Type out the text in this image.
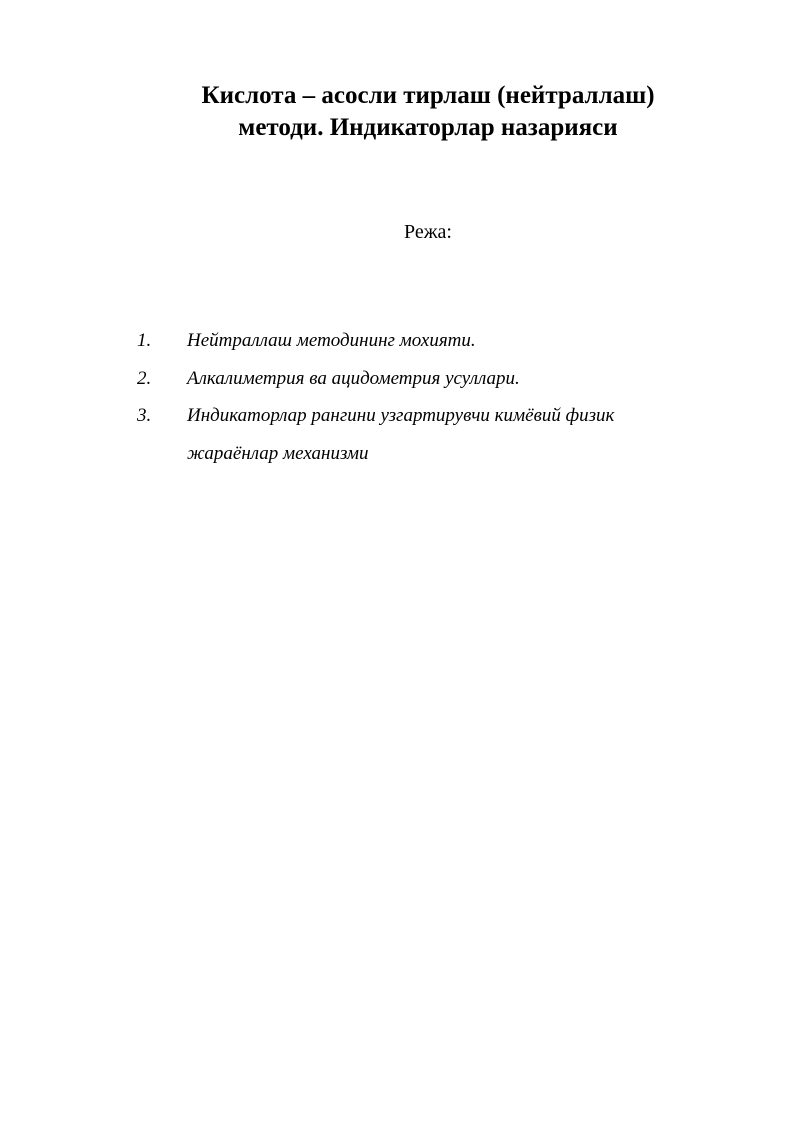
Кислота – асосли тирлаш (нейтраллаш)
методи. Индикаторлар назарияси

Режа:

1. Нейтраллаш методининг мохияти.
2. Алкалиметрия ва ацидометрия усуллари.
3. Индикаторлар рангини узгартирувчи кимёвий физик
жараёнлар механизми
